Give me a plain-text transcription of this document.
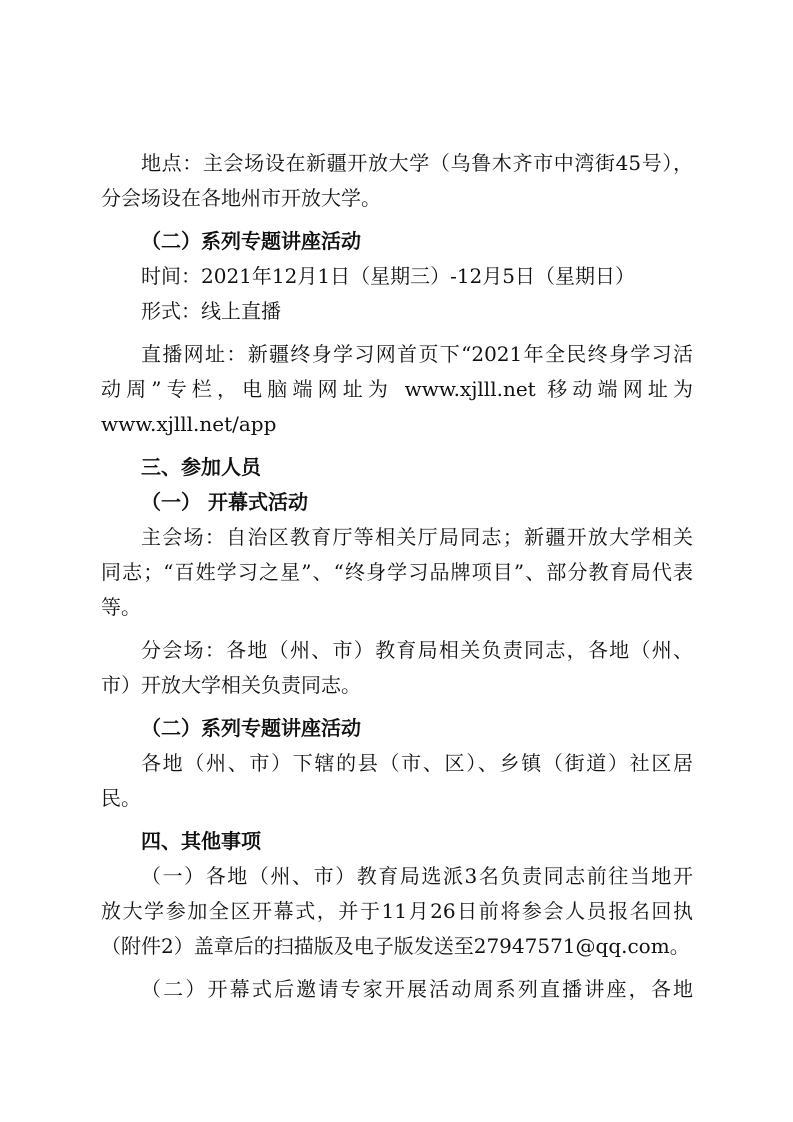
地点：主会场设在新疆开放大学（乌鲁木齐市中湾街45号），
分会场设在各地州市开放大学。
（二）系列专题讲座活动
时间：2021年12月1日（星期三）-12月5日（星期日）
形式：线上直播
直播网址：新疆终身学习网首页下“2021年全民终身学习活
动周”专栏，电脑端网址为 www.xjlll.net 移动端网址为
www.xjlll.net/app
三、参加人员
（一） 开幕式活动
主会场：自治区教育厅等相关厅局同志；新疆开放大学相关
同志；“百姓学习之星”、“终身学习品牌项目”、部分教育局代表
等。
分会场：各地（州、市）教育局相关负责同志，各地（州、
市）开放大学相关负责同志。
（二）系列专题讲座活动
各地（州、市）下辖的县（市、区）、乡镇（街道）社区居
民。
四、其他事项
（一）各地（州、市）教育局选派3名负责同志前往当地开
放大学参加全区开幕式，并于11月26日前将参会人员报名回执
（附件2）盖章后的扫描版及电子版发送至27947571@qq.com。
（二）开幕式后邀请专家开展活动周系列直播讲座，各地
